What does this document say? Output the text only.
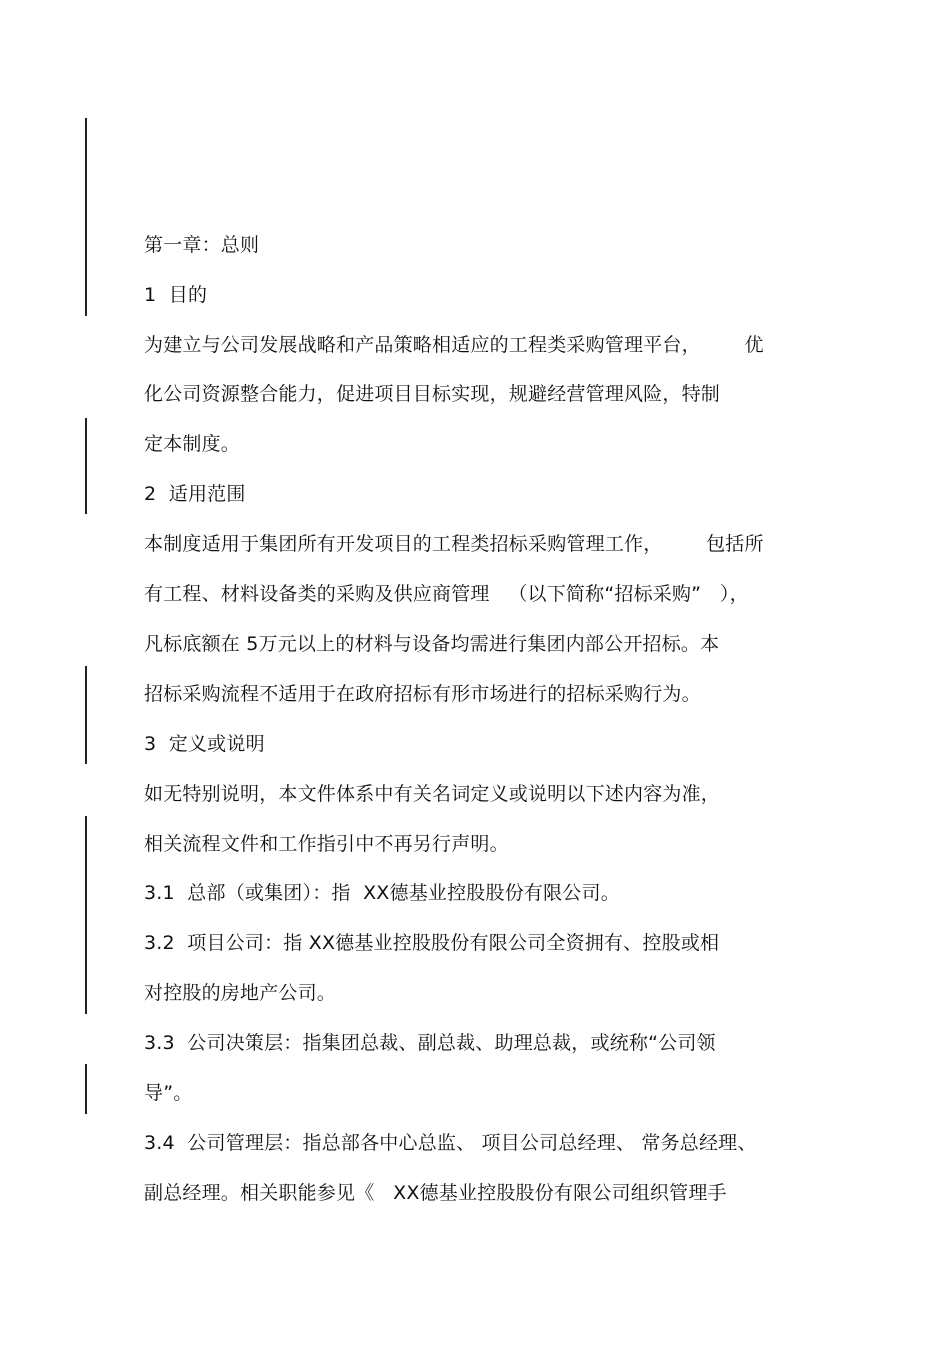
第一章：总则
1  目的
为建立与公司发展战略和产品策略相适应的工程类采购管理平台，       优
化公司资源整合能力，促进项目目标实现，规避经营管理风险，特制
定本制度。
2  适用范围
本制度适用于集团所有开发项目的工程类招标采购管理工作，       包括所
有工程、材料设备类的采购及供应商管理   （以下简称“招标采购”   ），
凡标底额在 5万元以上的材料与设备均需进行集团内部公开招标。本
招标采购流程不适用于在政府招标有形市场进行的招标采购行为。
3  定义或说明
如无特别说明，本文件体系中有关名词定义或说明以下述内容为准，
相关流程文件和工作指引中不再另行声明。
3.1  总部（或集团）：指  XX德基业控股股份有限公司。
3.2  项目公司：指 XX德基业控股股份有限公司全资拥有、控股或相
对控股的房地产公司。
3.3  公司决策层：指集团总裁、副总裁、助理总裁，或统称“公司领
导”。
3.4  公司管理层：指总部各中心总监、 项目公司总经理、 常务总经理、
副总经理。相关职能参见《   XX德基业控股股份有限公司组织管理手
